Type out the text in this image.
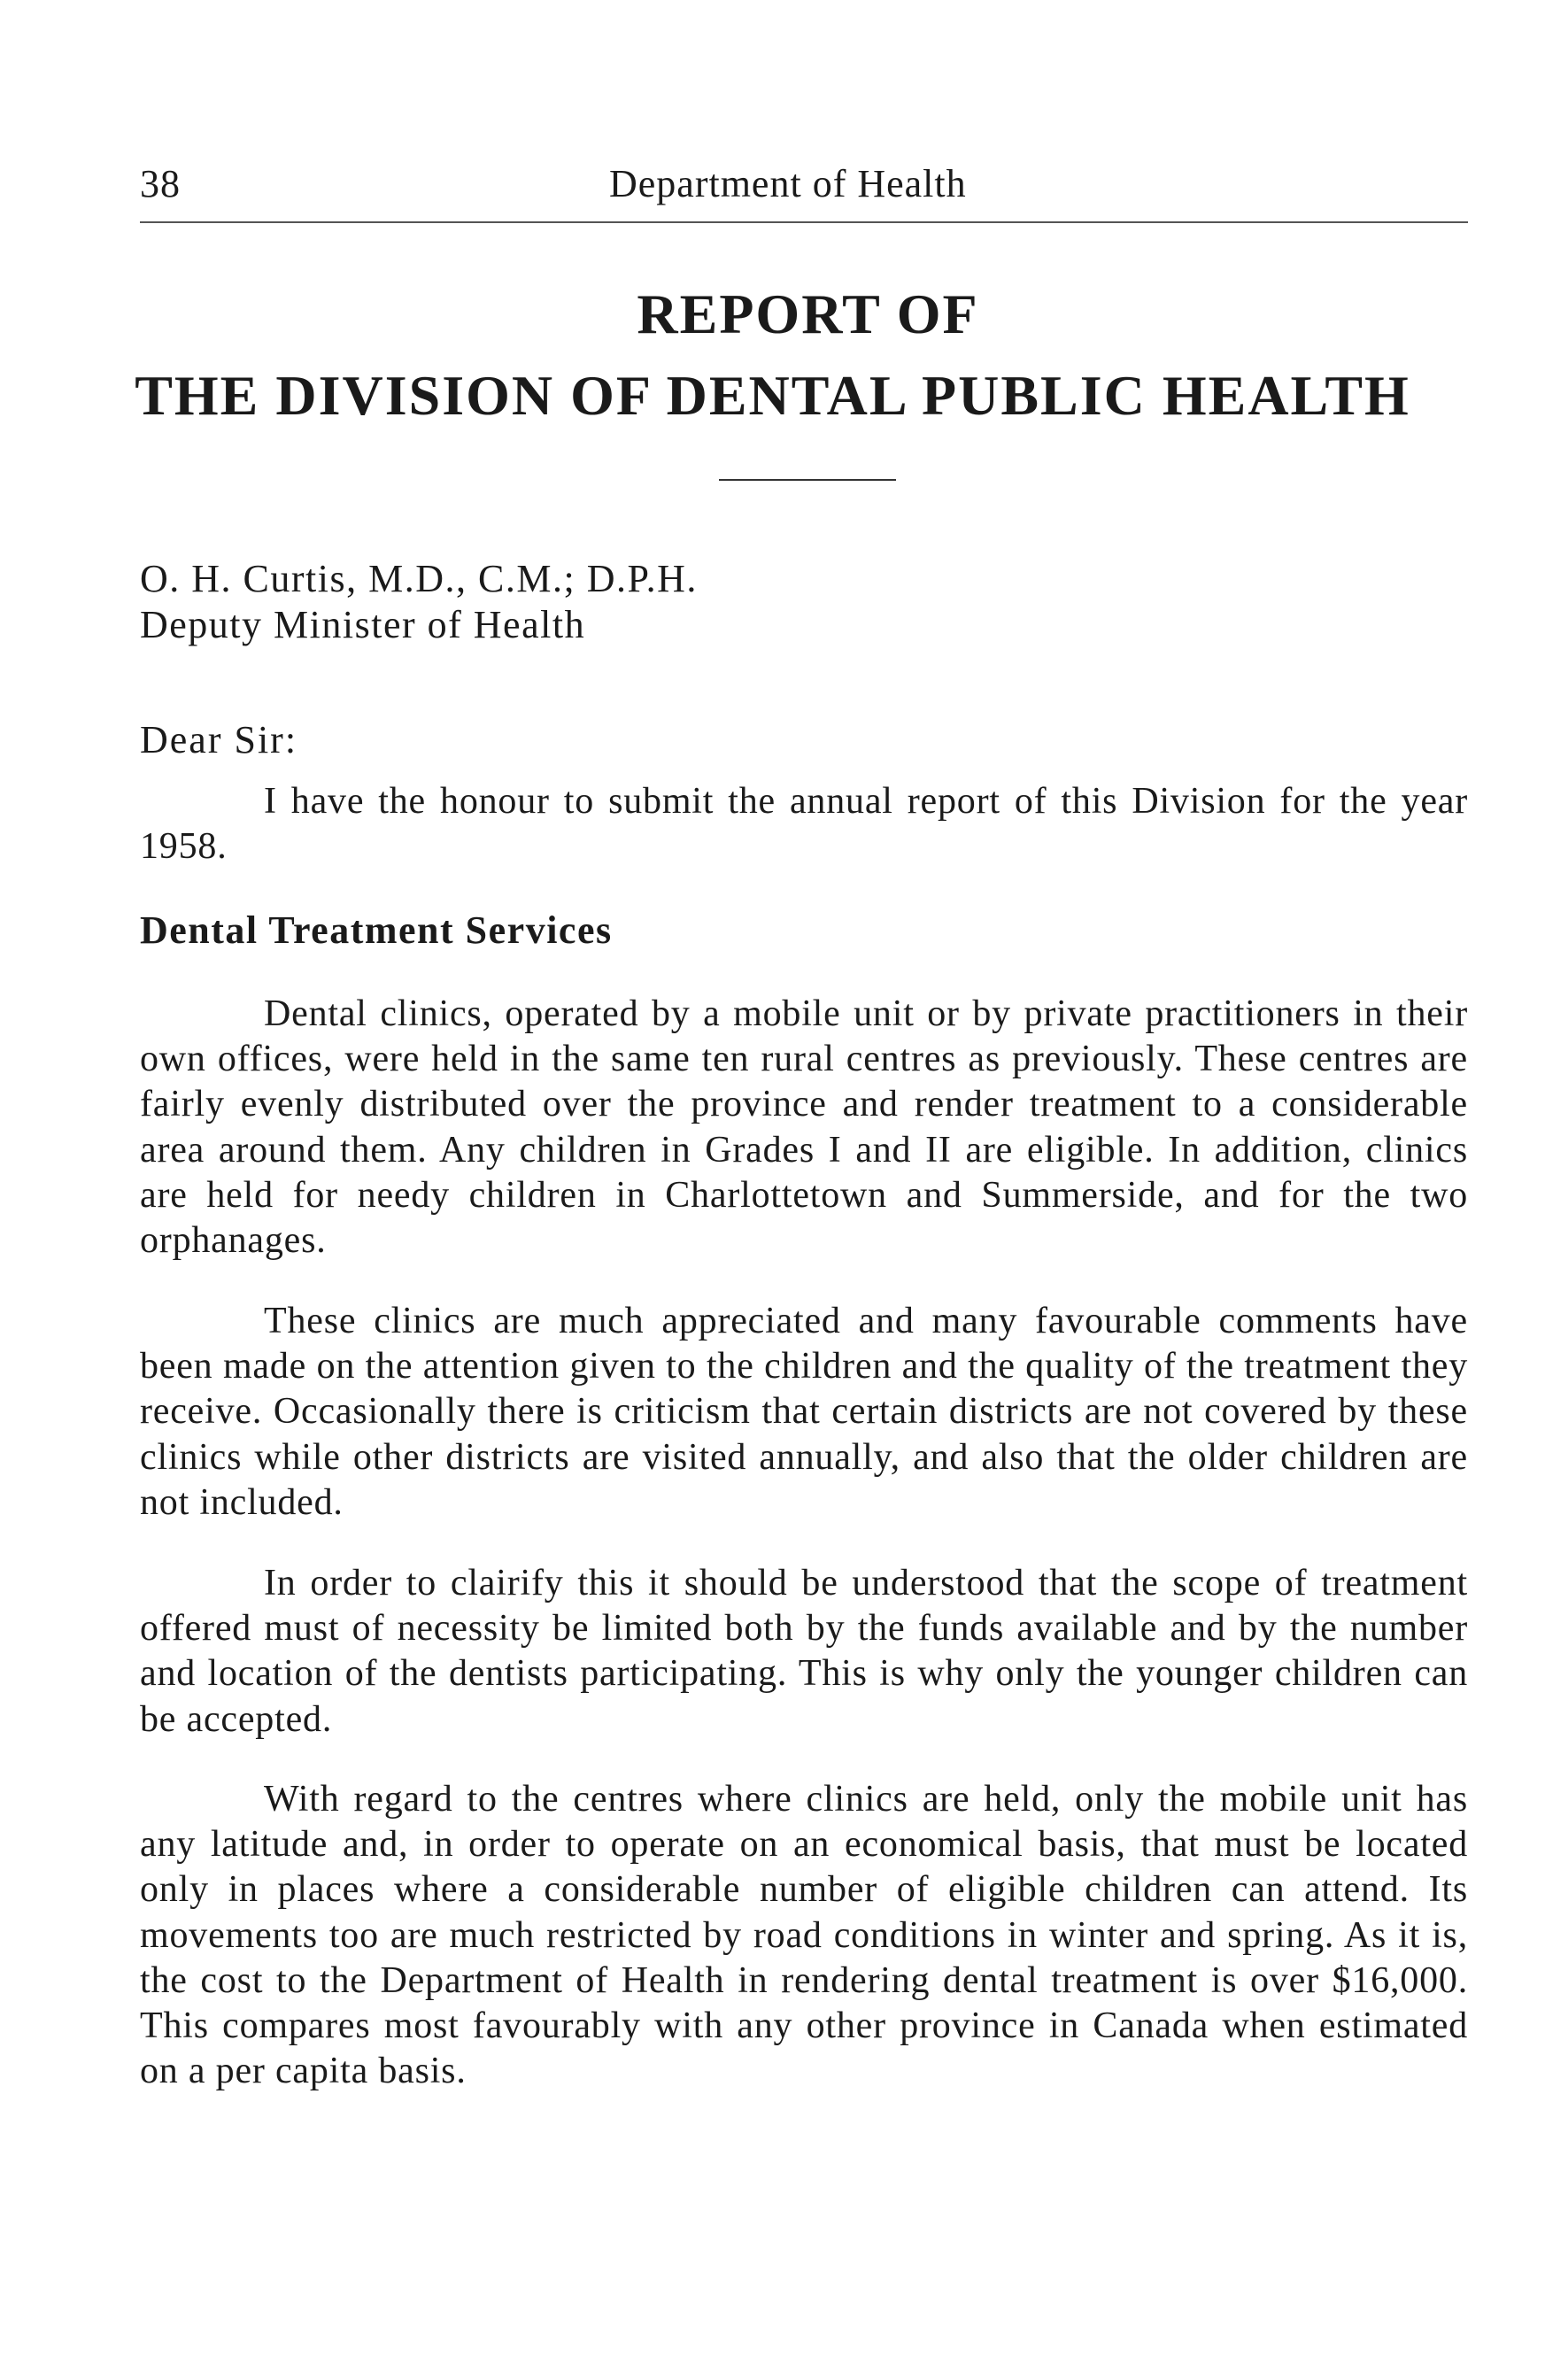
38	Department of Health
REPORT OF
THE DIVISION OF DENTAL PUBLIC HEALTH
O. H. Curtis, M.D., C.M.; D.P.H.
Deputy Minister of Health
Dear Sir:

I have the honour to submit the annual report of this Division for the year 1958.

Dental Treatment Services

Dental clinics, operated by a mobile unit or by private practitioners in their own offices, were held in the same ten rural centres as previously. These centres are fairly evenly distributed over the province and render treatment to a considerable area around them. Any children in Grades I and II are eligible. In addition, clinics are held for needy children in Charlottetown and Summerside, and for the two orphanages.

These clinics are much appreciated and many favourable comments have been made on the attention given to the children and the quality of the treatment they receive. Occasionally there is criticism that certain districts are not covered by these clinics while other districts are visited annually, and also that the older children are not included.

In order to clairify this it should be understood that the scope of treatment offered must of necessity be limited both by the funds available and by the number and location of the dentists participating. This is why only the younger children can be accepted.

With regard to the centres where clinics are held, only the mobile unit has any latitude and, in order to operate on an economical basis, that must be located only in places where a considerable number of eligible children can attend. Its movements too are much restricted by road conditions in winter and spring. As it is, the cost to the Department of Health in rendering dental treatment is over $16,000. This compares most favourably with any other province in Canada when estimated on a per capita basis.
